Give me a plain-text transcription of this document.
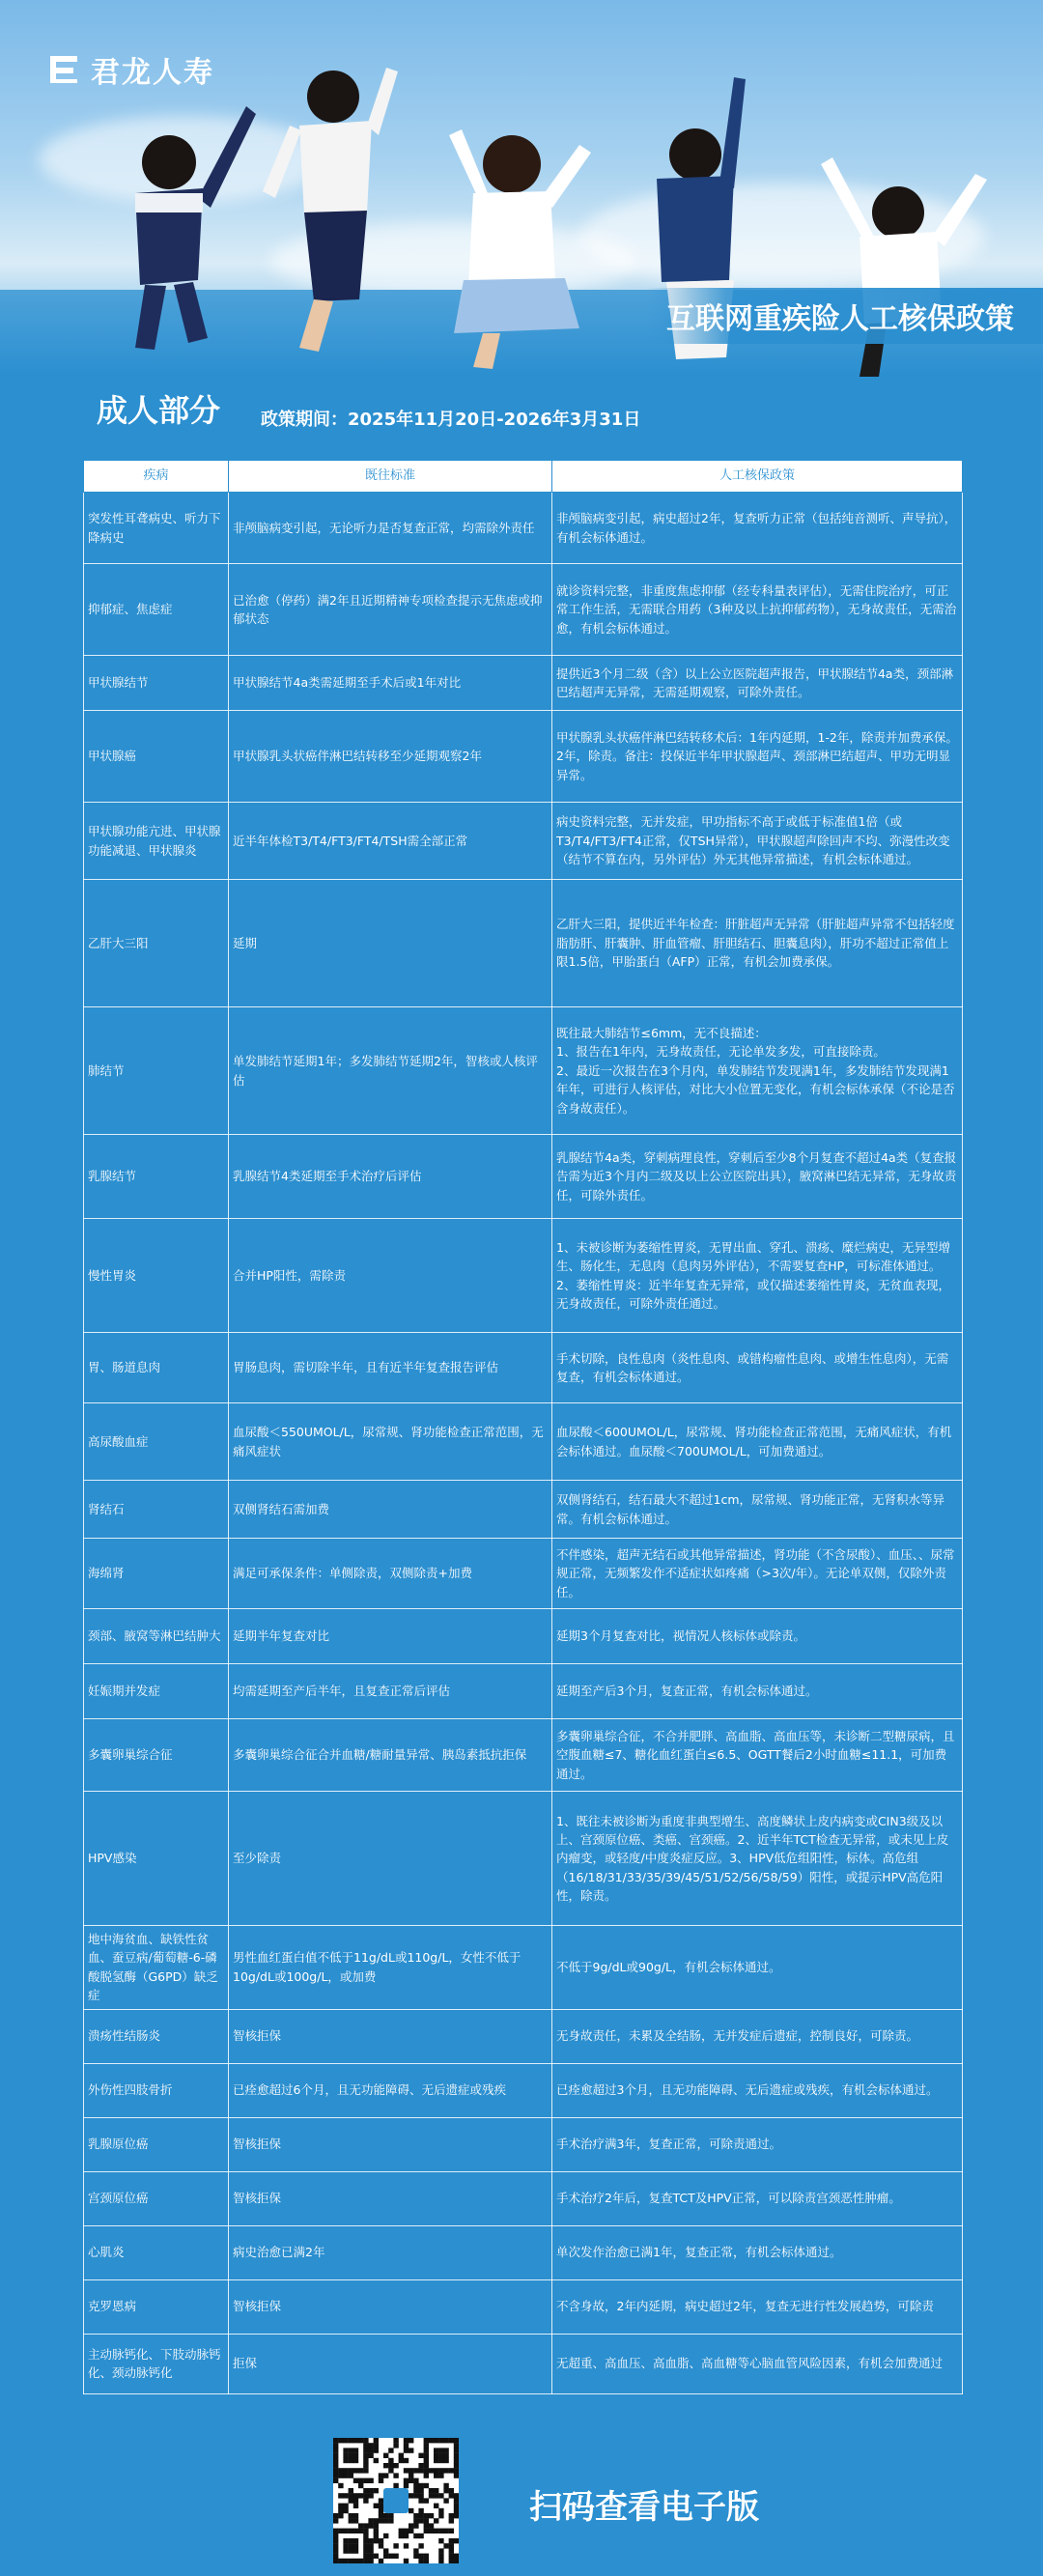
君龙人寿
互联网重疾险人工核保政策
成人部分 政策期间：2025年11月20日-2026年3月31日
疾病	既往标准	人工核保政策
突发性耳聋病史、听力下降病史	非颅脑病变引起，无论听力是否复查正常，均需除外责任	非颅脑病变引起，病史超过2年，复查听力正常（包括纯音测听、声导抗），有机会标体通过。
抑郁症、焦虑症	已治愈（停药）满2年且近期精神专项检查提示无焦虑或抑郁状态	就诊资料完整，非重度焦虑抑郁（经专科量表评估），无需住院治疗，可正常工作生活，无需联合用药（3种及以上抗抑郁药物），无身故责任，无需治愈，有机会标体通过。
甲状腺结节	甲状腺结节4a类需延期至手术后或1年对比	提供近3个月二级（含）以上公立医院超声报告，甲状腺结节4a类，颈部淋巴结超声无异常，无需延期观察，可除外责任。
甲状腺癌	甲状腺乳头状癌伴淋巴结转移至少延期观察2年	甲状腺乳头状癌伴淋巴结转移术后：1年内延期，1-2年，除责并加费承保。2年，除责。备注：投保近半年甲状腺超声、颈部淋巴结超声、甲功无明显异常。
甲状腺功能亢进、甲状腺功能减退、甲状腺炎	近半年体检T3/T4/FT3/FT4/TSH需全部正常	病史资料完整，无并发症，甲功指标不高于或低于标准值1倍（或T3/T4/FT3/FT4正常，仅TSH异常），甲状腺超声除回声不均、弥漫性改变（结节不算在内，另外评估）外无其他异常描述，有机会标体通过。
乙肝大三阳	延期	乙肝大三阳，提供近半年检查：肝脏超声无异常（肝脏超声异常不包括轻度脂肪肝、肝囊肿、肝血管瘤、肝胆结石、胆囊息肉），肝功不超过正常值上限1.5倍，甲胎蛋白（AFP）正常，有机会加费承保。
肺结节	单发肺结节延期1年；多发肺结节延期2年，智核或人核评估	既往最大肺结节≤6mm，无不良描述：
1、报告在1年内，无身故责任，无论单发多发，可直接除责。
2、最近一次报告在3个月内，单发肺结节发现满1年，多发肺结节发现满1年年，可进行人核评估，对比大小位置无变化，有机会标体承保（不论是否含身故责任）。
乳腺结节	乳腺结节4类延期至手术治疗后评估	乳腺结节4a类，穿刺病理良性，穿刺后至少8个月复查不超过4a类（复查报告需为近3个月内二级及以上公立医院出具），腋窝淋巴结无异常，无身故责任，可除外责任。
慢性胃炎	合并HP阳性，需除责	1、未被诊断为萎缩性胃炎，无胃出血、穿孔、溃疡、糜烂病史，无异型增生、肠化生，无息肉（息肉另外评估），不需要复查HP，可标准体通过。
2、萎缩性胃炎：近半年复查无异常，或仅描述萎缩性胃炎，无贫血表现，无身故责任，可除外责任通过。
胃、肠道息肉	胃肠息肉，需切除半年，且有近半年复查报告评估	手术切除，良性息肉（炎性息肉、或错构瘤性息肉、或增生性息肉），无需复查，有机会标体通过。
高尿酸血症	血尿酸＜550UMOL/L，尿常规、肾功能检查正常范围，无痛风症状	血尿酸＜600UMOL/L，尿常规、肾功能检查正常范围，无痛风症状，有机会标体通过。血尿酸＜700UMOL/L，可加费通过。
肾结石	双侧肾结石需加费	双侧肾结石，结石最大不超过1cm，尿常规、肾功能正常，无肾积水等异常。有机会标体通过。
海绵肾	满足可承保条件：单侧除责，双侧除责+加费	不伴感染，超声无结石或其他异常描述，肾功能（不含尿酸）、血压、、尿常规正常，无频繁发作不适症状如疼痛（>3次/年）。无论单双侧，仅除外责任。
颈部、腋窝等淋巴结肿大	延期半年复查对比	延期3个月复查对比，视情况人核标体或除责。
妊娠期并发症	均需延期至产后半年，且复查正常后评估	延期至产后3个月，复查正常，有机会标体通过。
多囊卵巢综合征	多囊卵巢综合征合并血糖/糖耐量异常、胰岛素抵抗拒保	多囊卵巢综合征，不合并肥胖、高血脂、高血压等，未诊断二型糖尿病，且空腹血糖≤7、糖化血红蛋白≤6.5、OGTT餐后2小时血糖≤11.1，可加费通过。
HPV感染	至少除责	1、既往未被诊断为重度非典型增生、高度鳞状上皮内病变或CIN3级及以上、宫颈原位癌、类癌、宫颈癌。2、近半年TCT检查无异常，或未见上皮内瘤变，或轻度/中度炎症反应。3、HPV低危组阳性，标体。高危组（16/18/31/33/35/39/45/51/52/56/58/59）阳性，或提示HPV高危阳性，除责。
地中海贫血、缺铁性贫血、蚕豆病/葡萄糖-6-磷酸脱氢酶（G6PD）缺乏症	男性血红蛋白值不低于11g/dL或110g/L，女性不低于10g/dL或100g/L，或加费	不低于9g/dL或90g/L，有机会标体通过。
溃疡性结肠炎	智核拒保	无身故责任，未累及全结肠，无并发症后遗症，控制良好，可除责。
外伤性四肢骨折	已痊愈超过6个月，且无功能障碍、无后遗症或残疾	已痊愈超过3个月，且无功能障碍、无后遗症或残疾，有机会标体通过。
乳腺原位癌	智核拒保	手术治疗满3年，复查正常，可除责通过。
宫颈原位癌	智核拒保	手术治疗2年后，复查TCT及HPV正常，可以除责宫颈恶性肿瘤。
心肌炎	病史治愈已满2年	单次发作治愈已满1年，复查正常，有机会标体通过。
克罗恩病	智核拒保	不含身故，2年内延期，病史超过2年，复查无进行性发展趋势，可除责
主动脉钙化、下肢动脉钙化、颈动脉钙化	拒保	无超重、高血压、高血脂、高血糖等心脑血管风险因素，有机会加费通过
扫码查看电子版
